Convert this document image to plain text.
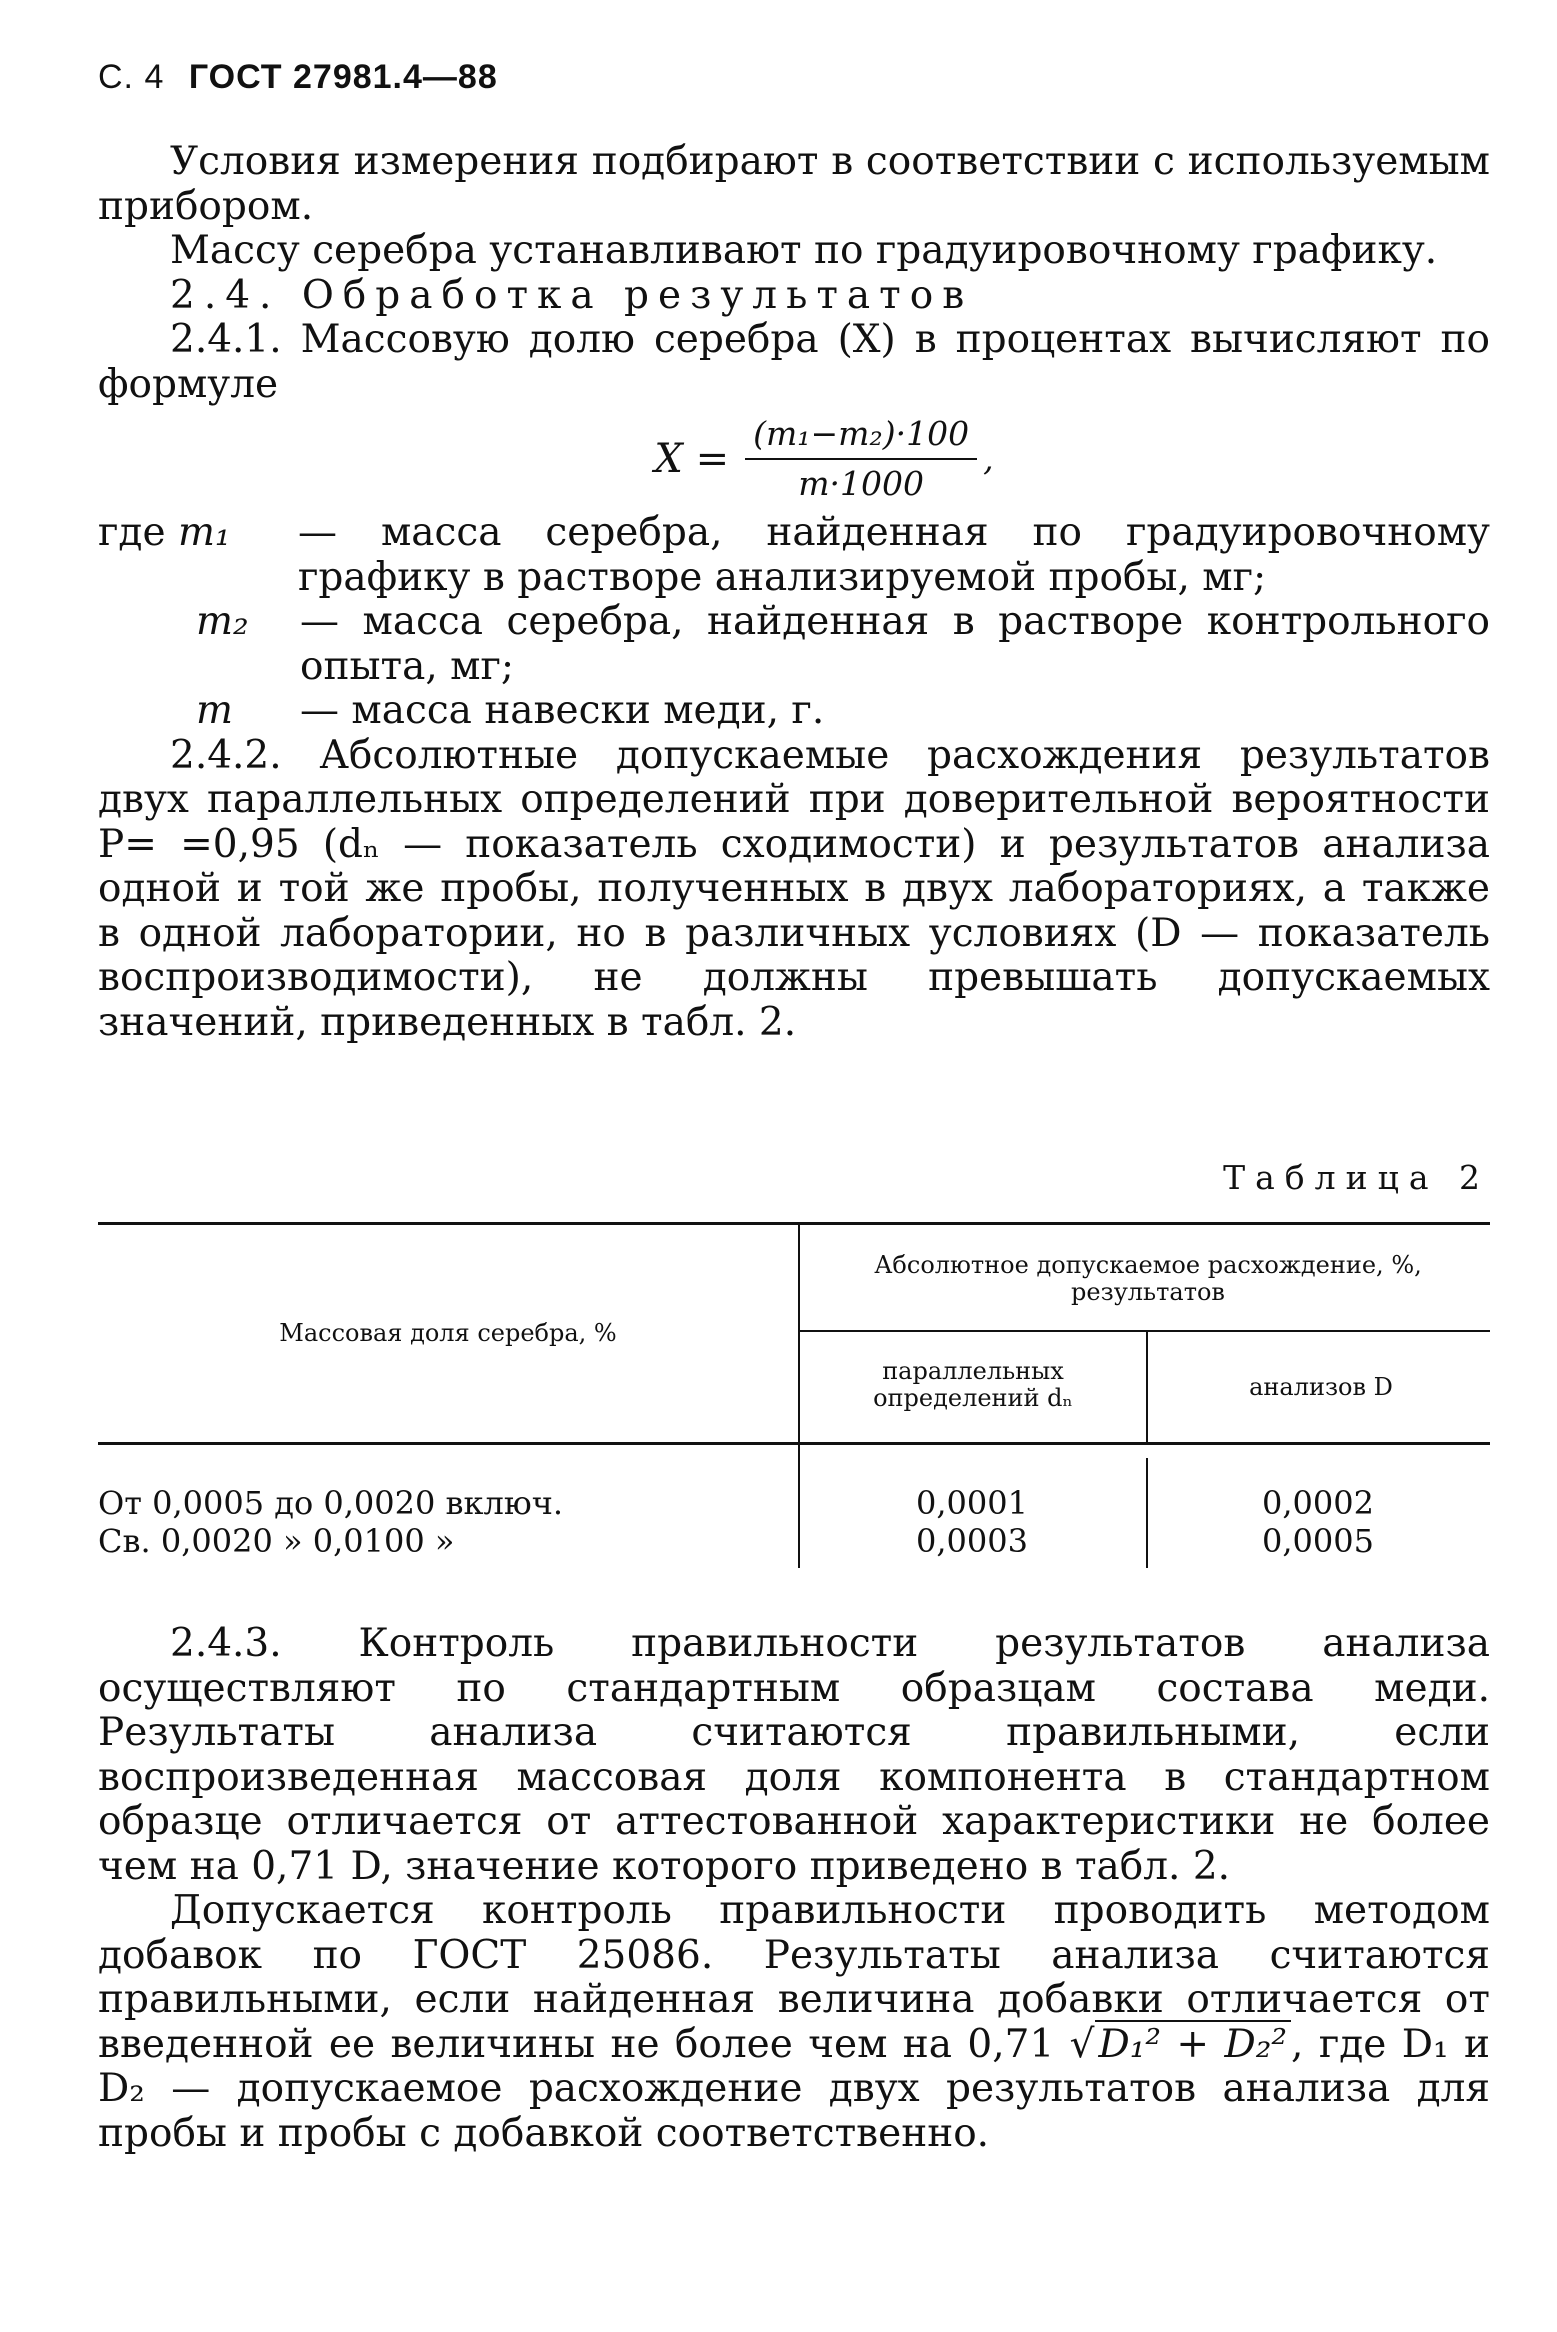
С. 4 ГОСТ 27981.4—88

Условия измерения подбирают в соответствии с используемым прибором.

Массу серебра устанавливают по градуировочному графику.

2.4. Обработка результатов

2.4.1. Массовую долю серебра (X) в процентах вычисляют по формуле

$X = \frac{\text{(m₁−m₂)·100}}{m\cdot 1000}$ ,
где m₁	— масса серебра, найденная по градуировочному графику в растворе анализируемой пробы, мг;
m₂	— масса серебра, найденная в растворе контрольного опыта, мг;
m	— масса навески меди, г.

2.4.2. Абсолютные допускаемые расхождения результатов двух параллельных определений при доверительной вероятности P= =0,95 (dₙ — показатель сходимости) и результатов анализа одной и той же пробы, полученных в двух лабораториях, а также в одной лаборатории, но в различных условиях (D — показатель воспроизводимости), не должны превышать допускаемых значений, приведенных в табл. 2.

Таблица 2
Массовая доля серебра, %
Абсолютное допускаемое расхождение, %, результатов
параллельных определений dₙ	анализов D
От 0,0005 до 0,0020 включ.	0,0001	0,0002
Св. 0,0020 » 0,0100 »	0,0003	0,0005

2.4.3. Контроль правильности результатов анализа осуществляют по стандартным образцам состава меди. Результаты анализа считаются правильными, если воспроизведенная массовая доля компонента в стандартном образце отличается от аттестованной характеристики не более чем на 0,71 D, значение которого приведено в табл. 2.

Допускается контроль правильности проводить методом добавок по ГОСТ 25086. Результаты анализа считаются правильными, если найденная величина добавки отличается от введенной ее величины не более чем на 0,71 √ D₁² + D₂² , где D₁ и D₂ — допускаемое расхождение двух результатов анализа для пробы и пробы с добавкой соответственно.
